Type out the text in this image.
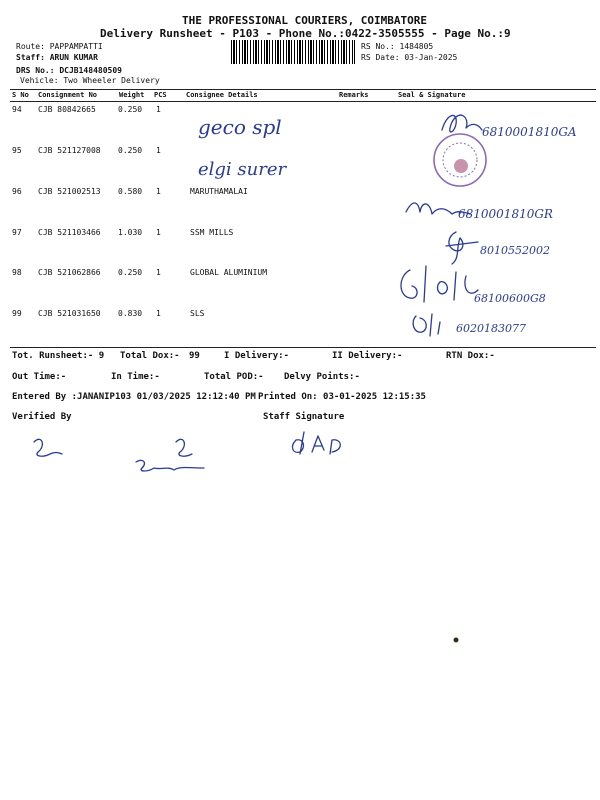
THE PROFESSIONAL COURIERS, COIMBATORE
Delivery Runsheet - P103 - Phone No.:0422-3505555 - Page No.:9
Route: PAPPAMPATTI
Staff: ARUN KUMAR
DRS No.: DCJB148480509
Vehicle: Two Wheeler Delivery
RS No.: 1484805
RS Date: 03-Jan-2025
S No Consignment No	Weight PCS	Consignee Details	Remarks	Seal & Signature
94 CJB 80842665	0.250 1
95 CJB 521127008 0.250 1
96 CJB 521002513 0.580 1	MARUTHAMALAI
97 CJB 521103466 1.030 1	SSM MILLS
98 CJB 521062866 0.250 1	GLOBAL ALUMINIUM
99 CJB 521031650 0.830 1	SLS
geco spl
elgi surer
6810001810GA
6810001810GR
8010552002
68100600G8
6020183077
Tot. Runsheet:- 9 Total Dox:- 99	I Delivery:-	II Delivery:-	RTN Dox:-
Out Time:-	In Time:-	Total POD:- Delvy Points:-
Entered By :JANANIP103 01/03/2025 12:12:40 PM Printed On: 03-01-2025 12:15:35
Verified By	Staff Signature
